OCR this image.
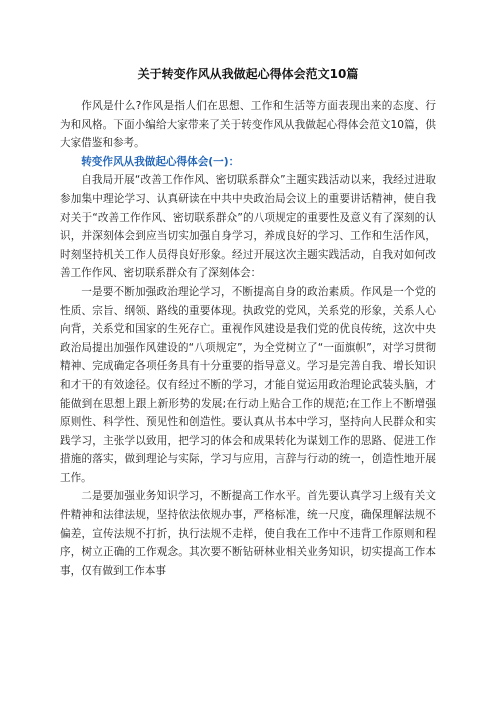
关于转变作风从我做起心得体会范文10篇

作风是什么?作风是指人们在思想、工作和生活等方面表现出来的态度、行为和风格。下面小编给大家带来了关于转变作风从我做起心得体会范文10篇，供大家借鉴和参考。

转变作风从我做起心得体会(一)：

自我局开展“改善工作作风、密切联系群众”主题实践活动以来，我经过进取参加集中理论学习、认真研读在中共中央政治局会议上的重要讲话精神，使自我对关于“改善工作作风、密切联系群众”的八项规定的重要性及意义有了深刻的认识，并深刻体会到应当切实加强自身学习，养成良好的学习、工作和生活作风，时刻坚持机关工作人员得良好形象。经过开展这次主题实践活动，自我对如何改善工作作风、密切联系群众有了深刻体会：

一是要不断加强政治理论学习，不断提高自身的政治素质。作风是一个党的性质、宗旨、纲领、路线的重要体现。执政党的党风，关系党的形象，关系人心向背，关系党和国家的生死存亡。重视作风建设是我们党的优良传统，这次中央政治局提出加强作风建设的“八项规定”，为全党树立了“一面旗帜”，对学习贯彻精神、完成确定各项任务具有十分重要的指导意义。学习是完善自我、增长知识和才干的有效途径。仅有经过不断的学习，才能自觉运用政治理论武装头脑，才能做到在思想上跟上新形势的发展;在行动上贴合工作的规范;在工作上不断增强原则性、科学性、预见性和创造性。要认真从书本中学习，坚持向人民群众和实践学习，主张学以致用，把学习的体会和成果转化为谋划工作的思路、促进工作措施的落实，做到理论与实际，学习与应用，言辞与行动的统一，创造性地开展工作。

二是要加强业务知识学习，不断提高工作水平。首先要认真学习上级有关文件精神和法律法规，坚持依法依规办事，严格标准，统一尺度，确保理解法规不偏差，宣传法规不打折，执行法规不走样，使自我在工作中不违背工作原则和程序，树立正确的工作观念。其次要不断钻研林业相关业务知识，切实提高工作本事，仅有做到工作本事
